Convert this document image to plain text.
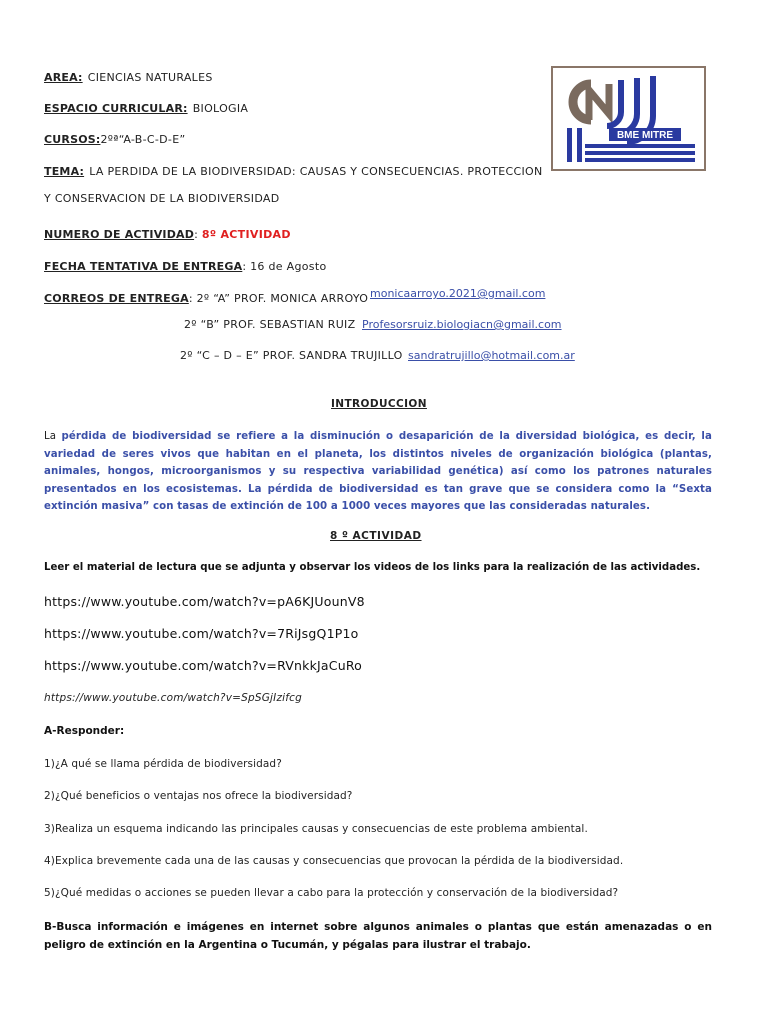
AREA: CIENCIAS NATURALES
ESPACIO CURRICULAR: BIOLOGIA
CURSOS:2ºª“A-B-C-D-E”
TEMA: LA PERDIDA DE LA BIODIVERSIDAD: CAUSAS Y CONSECUENCIAS. PROTECCION
Y CONSERVACION DE LA BIODIVERSIDAD
NUMERO DE ACTIVIDAD: 8º ACTIVIDAD
FECHA TENTATIVA DE ENTREGA: 16 de Agosto
CORREOS DE ENTREGA: 2º “A” PROF. MONICA ARROYO monicaarroyo.2021@gmail.com
2º “B” PROF. SEBASTIAN RUIZ Profesorsruiz.biologiacn@gmail.com
2º “C – D – E” PROF. SANDRA TRUJILLO sandratrujillo@hotmail.com.ar
BME MITRE
INTRODUCCION
La pérdida de biodiversidad se refiere a la disminución o desaparición de la diversidad biológica, es decir, la variedad de seres vivos que habitan en el planeta, los distintos niveles de organización biológica (plantas, animales, hongos, microorganismos y su respectiva variabilidad genética) así como los patrones naturales presentados en los ecosistemas. La pérdida de biodiversidad es tan grave que se considera como la “Sexta extinción masiva” con tasas de extinción de 100 a 1000 veces mayores que las consideradas naturales.
8 º ACTIVIDAD
Leer el material de lectura que se adjunta y observar los videos de los links para la realización de las actividades.
https://www.youtube.com/watch?v=pA6KJUounV8
https://www.youtube.com/watch?v=7RiJsgQ1P1o
https://www.youtube.com/watch?v=RVnkkJaCuRo
https://www.youtube.com/watch?v=SpSGjIzifcg
A-Responder:
1)¿A qué se llama pérdida de biodiversidad?
2)¿Qué beneficios o ventajas nos ofrece la biodiversidad?
3)Realiza un esquema indicando las principales causas y consecuencias de este problema ambiental.
4)Explica brevemente cada una de las causas y consecuencias que provocan la pérdida de la biodiversidad.
5)¿Qué medidas o acciones se pueden llevar a cabo para la protección y conservación de la biodiversidad?
B-Busca información e imágenes en internet sobre algunos animales o plantas que están amenazadas o en peligro de extinción en la Argentina o Tucumán, y pégalas para ilustrar el trabajo.
